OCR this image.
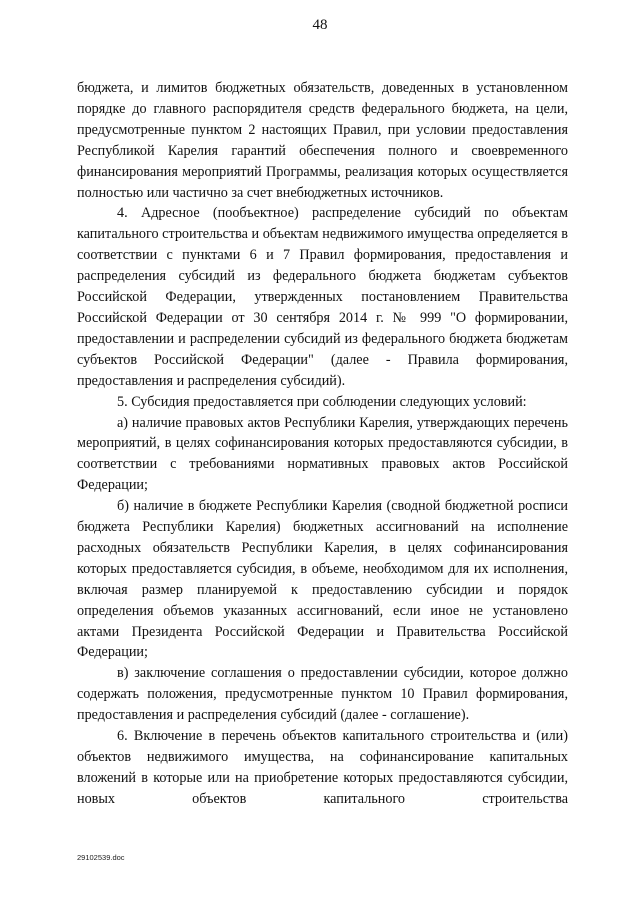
48

бюджета, и лимитов бюджетных обязательств, доведенных в установленном порядке до главного распорядителя средств федерального бюджета, на цели, предусмотренные пунктом 2 настоящих Правил, при условии предоставления Республикой Карелия гарантий обеспечения полного и своевременного финансирования мероприятий Программы, реализация которых осуществляется полностью или частично за счет внебюджетных источников.

4. Адресное (пообъектное) распределение субсидий по объектам капитального строительства и объектам недвижимого имущества определяется в соответствии с пунктами 6 и 7 Правил формирования, предоставления и распределения субсидий из федерального бюджета бюджетам субъектов Российской Федерации, утвержденных постановлением Правительства Российской Федерации от 30 сентября 2014 г. № 999 "О формировании, предоставлении и распределении субсидий из федерального бюджета бюджетам субъектов Российской Федерации" (далее - Правила формирования, предоставления и распределения субсидий).

5. Субсидия предоставляется при соблюдении следующих условий:

а) наличие правовых актов Республики Карелия, утверждающих перечень мероприятий, в целях софинансирования которых предоставляются субсидии, в соответствии с требованиями нормативных правовых актов Российской Федерации;

б) наличие в бюджете Республики Карелия (сводной бюджетной росписи бюджета Республики Карелия) бюджетных ассигнований на исполнение расходных обязательств Республики Карелия, в целях софинансирования которых предоставляется субсидия, в объеме, необходимом для их исполнения, включая размер планируемой к предоставлению субсидии и порядок определения объемов указанных ассигнований, если иное не установлено актами Президента Российской Федерации и Правительства Российской Федерации;

в) заключение соглашения о предоставлении субсидии, которое должно содержать положения, предусмотренные пунктом 10 Правил формирования, предоставления и распределения субсидий (далее - соглашение).

6. Включение в перечень объектов капитального строительства и (или) объектов недвижимого имущества, на софинансирование капитальных вложений в которые или на приобретение которых предоставляются субсидии, новых объектов капитального строительства

29102539.doc
